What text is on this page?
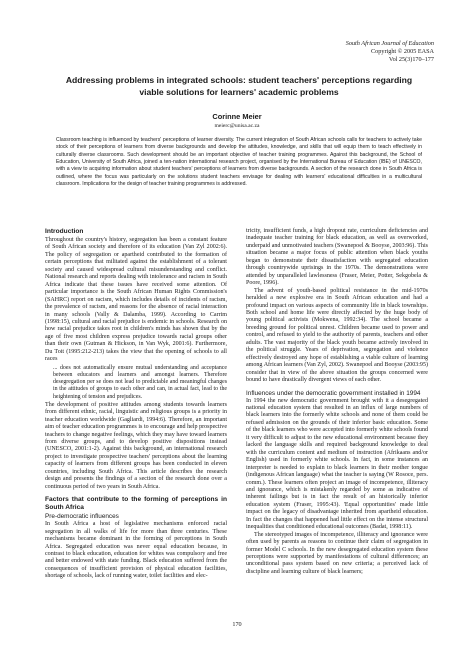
South African Journal of Education
Copyright © 2005 EASA
Vol 25(3)170–177
Addressing problems in integrated schools: student teachers' perceptions regarding viable solutions for learners' academic problems
Corinne Meier
meierc@unisa.ac.za
Classroom teaching is influenced by teachers' perceptions of learner diversity. The current integration of South African schools calls for teachers to actively take stock of their perceptions of learners from diverse backgrounds and develop the attitudes, knowledge, and skills that will equip them to teach effectively in culturally diverse classrooms. Such development should be an important objective of teacher training programmes. Against this background, the School of Education, University of South Africa, joined a ten-nation international research project, organised by the International Bureau of Education (IBE) of UNESCO, with a view to acquiring information about student teachers' perceptions of learners from diverse backgrounds. A section of the research done in South Africa is outlined, where the focus was particularly on the solutions student teachers envisage for dealing with learners' educational difficulties in a multicultural classroom. Implications for the design of teacher training programmes is addressed.
Introduction

Throughout the country's history, segregation has been a constant feature of South African society and therefore of its education (Van Zyl 2002:6). The policy of segregation or apartheid contributed to the formation of certain perceptions that militated against the establishment of a tolerant society and caused widespread cultural misunderstanding and conflict. National research and reports dealing with intolerance and racism in South Africa indicate that these issues have received some attention. Of particular importance is the South African Human Rights Commission's (SAHRC) report on racism, which includes details of incidents of racism, the prevalence of racism, and reasons for the absence of racial interaction in many schools (Vally & Dalamba, 1999). According to Carrim (1998:15), cultural and racial prejudice is endemic in schools. Research on how racial prejudice takes root in children's minds has shown that by the age of five most children express prejudice towards racial groups other than their own (Gutman & Hickson, in Van Wyk, 2001:6). Furthermore, Du Toit (1995:212-213) takes the view that the opening of schools to all races

... does not automatically ensure mutual understanding and acceptance between educators and learners and amongst learners. Therefore desegregation per se does not lead to predictable and meaningful changes in the attitudes of groups to each other and can, in actual fact, lead to the heightening of tension and prejudices.

The development of positive attitudes among students towards learners from different ethnic, racial, linguistic and religious groups is a priority in teacher education worldwide (Gagliardi, 1994:6). Therefore, an important aim of teacher education programmes is to encourage and help prospective teachers to change negative feelings, which they may have toward learners from diverse groups, and to develop positive dispositions instead (UNESCO, 2001:1-2). Against this background, an international research project to investigate prospective teachers' perceptions about the learning capacity of learners from different groups has been conducted in eleven countries, including South Africa. This article describes the research design and presents the findings of a section of the research done over a continuous period of two years in South Africa.

Factors that contribute to the forming of perceptions in South Africa
Pre-democratic influences

In South Africa a host of legislative mechanisms enforced racial segregation in all walks of life for more than three centuries. These mechanisms became dominant in the forming of perceptions in South Africa. Segregated education was never equal education because, in contrast to black education, education for whites was compulsory and free and better endowed with state funding. Black education suffered from the consequences of insufficient provision of physical education facilities, shortage of schools, lack of running water, toilet facilities and elec-

tricity, insufficient funds, a high dropout rate, curriculum deficiencies and inadequate teacher training for black education, as well as overworked, underpaid and unmotivated teachers (Swanepoel & Booyse, 2003:96). This situation became a major focus of public attention when black youths began to demonstrate their dissatisfaction with segregated education through countrywide uprisings in the 1970s. The demonstrations were attended by unparalleled lawlessness (Fraser, Meier, Potter, Sekgobela & Poore, 1996).

The advent of youth-based political resistance in the mid-1970s heralded a new explosive era in South African education and had a profound impact on various aspects of community life in black townships. Both school and home life were directly affected by the huge body of young political activists (Mokwena, 1992:34). The school became a breeding ground for political unrest. Children became used to power and control, and refused to yield to the authority of parents, teachers and other adults. The vast majority of the black youth became actively involved in the political struggle. Years of deprivation, segregation and violence effectively destroyed any hope of establishing a viable culture of learning among African learners (Van Zyl, 2002). Swanepoel and Booyse (2003:95) consider that in view of the above situation the groups concerned were bound to have drastically divergent views of each other.

Influences under the democratic government installed in 1994

In 1994 the new democratic government brought with it a desegregated national education system that resulted in an influx of large numbers of black learners into the formerly white schools and none of them could be refused admission on the grounds of their inferior basic education. Some of the black learners who were accepted into formerly white schools found it very difficult to adjust to the new educational environment because they lacked the language skills and required background knowledge to deal with the curriculum content and medium of instruction (Afrikaans and/or English) used in formerly white schools. In fact, in some instances an interpreter is needed to explain to black learners in their mother tongue (indigenous African language) what the teacher is saying (W Rosoce, pers. comm.). These learners often project an image of incompetence, illiteracy and ignorance, which is mistakenly regarded by some as indicative of inherent failings but is in fact the result of an historically inferior education system (Fraser, 1995:43). 'Equal opportunities' made little impact on the legacy of disadvantage inherited from apartheid education. In fact the changes that happened had little effect on the intense structural inequalities that conditioned educational outcomes (Badat, 1998:11).

The stereotyped images of incompetence, illiteracy and ignorance were often used by parents as reasons to continue their claim of segregation in former Model C schools. In the new desegregated education system these perceptions were supported by manifestations of cultural differences; an unconditional pass system based on new criteria; a perceived lack of discipline and learning culture of black learners;

170
